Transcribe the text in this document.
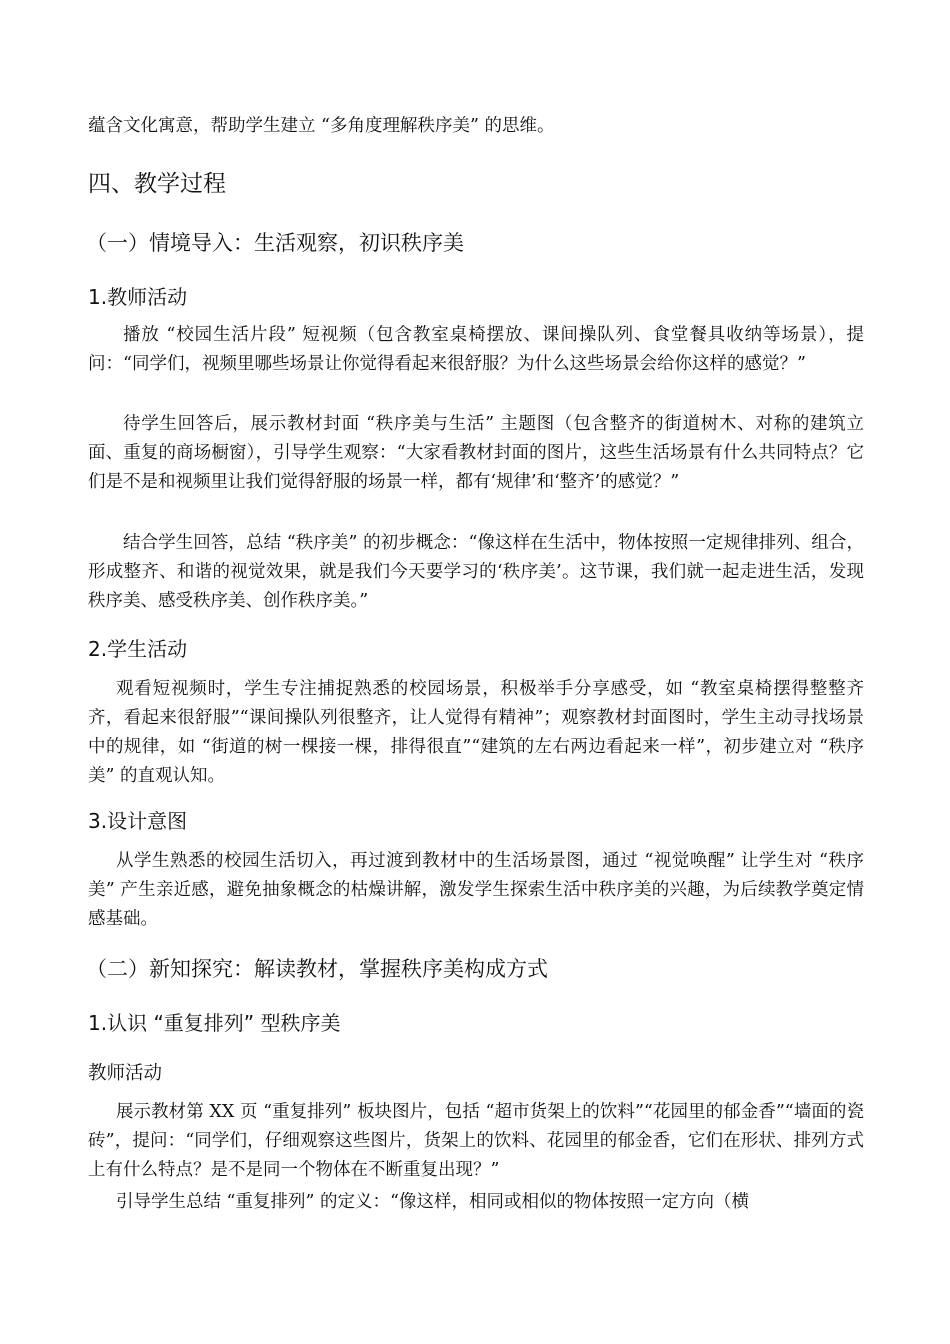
蕴含文化寓意，帮助学生建立 “多角度理解秩序美” 的思维。

四、教学过程
（一）情境导入：生活观察，初识秩序美
1.教师活动

播放 “校园生活片段” 短视频（包含教室桌椅摆放、课间操队列、食堂餐具收纳等场景），提问：“同学们，视频里哪些场景让你觉得看起来很舒服？为什么这些场景会给你这样的感觉？”

待学生回答后，展示教材封面 “秩序美与生活” 主题图（包含整齐的街道树木、对称的建筑立面、重复的商场橱窗），引导学生观察：“大家看教材封面的图片，这些生活场景有什么共同特点？它们是不是和视频里让我们觉得舒服的场景一样，都有‘规律’和‘整齐’的感觉？”

结合学生回答，总结 “秩序美” 的初步概念：“像这样在生活中，物体按照一定规律排列、组合，形成整齐、和谐的视觉效果，就是我们今天要学习的‘秩序美’。这节课，我们就一起走进生活，发现秩序美、感受秩序美、创作秩序美。”

2.学生活动

观看短视频时，学生专注捕捉熟悉的校园场景，积极举手分享感受，如 “教室桌椅摆得整整齐齐，看起来很舒服”“课间操队列很整齐，让人觉得有精神”；观察教材封面图时，学生主动寻找场景中的规律，如 “街道的树一棵接一棵，排得很直”“建筑的左右两边看起来一样”，初步建立对 “秩序美” 的直观认知。

3.设计意图

从学生熟悉的校园生活切入，再过渡到教材中的生活场景图，通过 “视觉唤醒” 让学生对 “秩序美” 产生亲近感，避免抽象概念的枯燥讲解，激发学生探索生活中秩序美的兴趣，为后续教学奠定情感基础。

（二）新知探究：解读教材，掌握秩序美构成方式
1.认识 “重复排列” 型秩序美
教师活动

展示教材第 XX 页 “重复排列” 板块图片，包括 “超市货架上的饮料”“花园里的郁金香”“墙面的瓷砖”，提问：“同学们，仔细观察这些图片，货架上的饮料、花园里的郁金香，它们在形状、排列方式上有什么特点？是不是同一个物体在不断重复出现？”

引导学生总结 “重复排列” 的定义：“像这样，相同或相似的物体按照一定方向（横
